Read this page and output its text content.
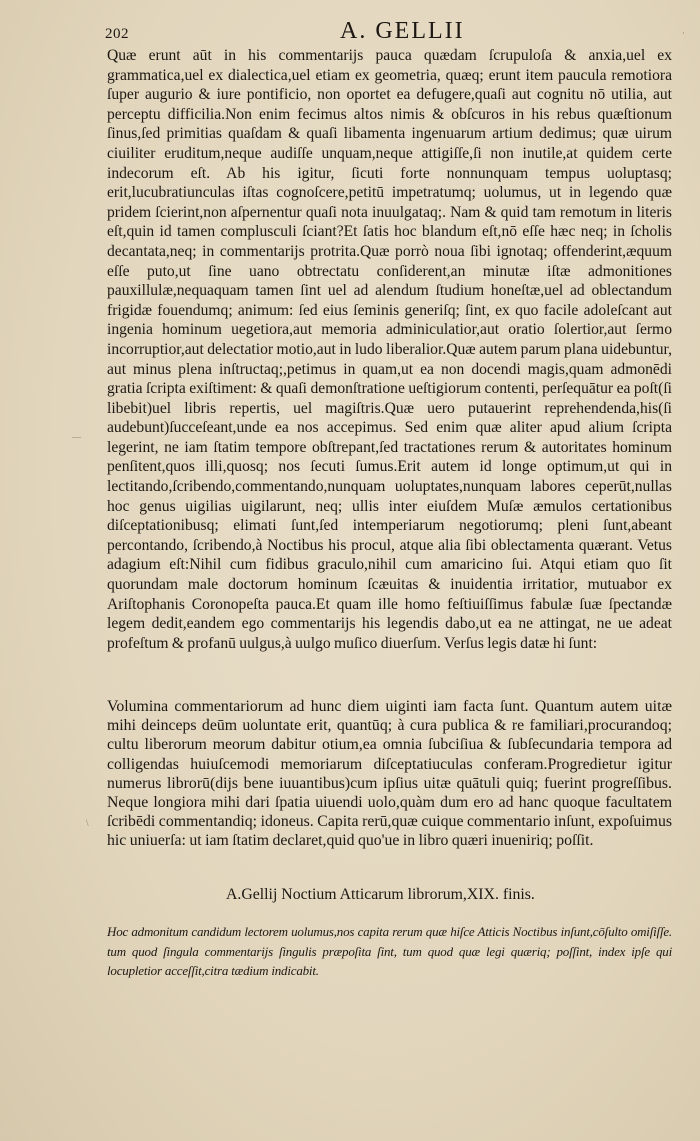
202	A. GELLII	·
—
\

Quæ erunt aūt in his commentarijs pauca quædam ſcrupuloſa & anxia,uel ex grammatica,uel ex dialectica,uel etiam ex geometria, quæq; erunt item paucula remotiora ſuper augurio & iure pontificio, non oportet ea defugere,quaſi aut cognitu nō utilia, aut perceptu difficilia.Non enim fecimus altos nimis & obſcuros in his rebus quæſtionum ſinus,ſed primitias quaſdam & quaſi libamenta ingenuarum artium dedimus; quæ uirum ciuiliter eruditum,neque audiſſe unquam,neque attigiſſe,ſi non inutile,at quidem certe indecorum eſt. Ab his igitur, ſicuti forte nonnunquam tempus uoluptasq; erit,lucubratiunculas iſtas cognoſcere,petitū impetratumq; uolumus, ut in legendo quæ pridem ſcierint,non aſpernentur quaſi nota inuulgataq;. Nam & quid tam remotum in literis eſt,quin id tamen complusculi ſciant?Et ſatis hoc blandum eſt,nō eſſe hæc neq; in ſcholis decantata,neq; in commentarijs protrita.Quæ porrò noua ſibi ignotaq; offenderint,æquum eſſe puto,ut ſine uano obtrectatu conſiderent,an minutæ iſtæ admonitiones pauxillulæ,nequaquam tamen ſint uel ad alendum ſtudium honeſtæ,uel ad oblectandum frigidæ fouendumq; animum: ſed eius ſeminis generiſq; ſint, ex quo facile adoleſcant aut ingenia hominum uegetiora,aut memoria adminiculatior,aut oratio ſolertior,aut ſermo incorruptior,aut delectatior motio,aut in ludo liberalior.Quæ autem parum plana uidebuntur, aut minus plena inſtructaq;,petimus in quam,ut ea non docendi magis,quam admonēdi gratia ſcripta exiſtiment: & quaſi demonſtratione ueſtigiorum contenti, perſequātur ea poſt(ſi libebit)uel libris repertis, uel magiſtris.Quæ uero putauerint reprehendenda,his(ſi audebunt)ſucceſeant,unde ea nos accepimus. Sed enim quæ aliter apud alium ſcripta legerint, ne iam ſtatim tempore obſtrepant,ſed tractationes rerum & autoritates hominum penſitent,quos illi,quosq; nos ſecuti ſumus.Erit autem id longe optimum,ut qui in lectitando,ſcribendo,commentando,nunquam uoluptates,nunquam labores ceperūt,nullas hoc genus uigilias uigilarunt, neq; ullis inter eiuſdem Muſæ æmulos certationibus diſceptationibusq; elimati ſunt,ſed intemperiarum negotiorumq; pleni ſunt,abeant percontando, ſcribendo,à Noctibus his procul, atque alia ſibi oblectamenta quærant. Vetus adagium eſt:Nihil cum fidibus graculo,nihil cum amaricino ſui. Atqui etiam quo ſit quorundam male doctorum hominum ſcæuitas & inuidentia irritatior, mutuabor ex Ariſtophanis Coronopeſta pauca.Et quam ille homo feſtiuiſſimus fabulæ ſuæ ſpectandæ legem dedit,eandem ego commentarijs his legendis dabo,ut ea ne attingat, ne ue adeat profeſtum & profanū uulgus,à uulgo muſico diuerſum. Verſus legis datæ hi ſunt:

Volumina commentariorum ad hunc diem uiginti iam facta ſunt. Quantum autem uitæ mihi deinceps deūm uoluntate erit, quantūq; à cura publica & re familiari,procurandoq; cultu liberorum meorum dabitur otium,ea omnia ſubciſiua & ſubſecundaria tempora ad colligendas huiuſcemodi memoriarum diſceptatiuculas conferam.Progredietur igitur numerus librorū(dijs bene iuuantibus)cum ipſius uitæ quātuli quiq; fuerint progreſſibus. Neque longiora mihi dari ſpatia uiuendi uolo,quàm dum ero ad hanc quoque facultatem ſcribēdi commentandiq; idoneus. Capita rerū,quæ cuique commentario inſunt, expoſuimus hic uniuerſa: ut iam ſtatim declaret,quid quo'ue in libro quæri inueniriq; poſſit.

A.Gellij Noctium Atticarum librorum,XIX. finis.
Hoc admonitum candidum lectorem uolumus,nos capita rerum quæ hiſce Atticis Noctibus inſunt,cōſulto omiſiſſe. tum quod ſingula commentarijs ſingulis præpoſita ſint, tum quod quæ legi quæriq; poſſint, index ipſe qui locupletior acceſſit,citra tædium indicabit.
